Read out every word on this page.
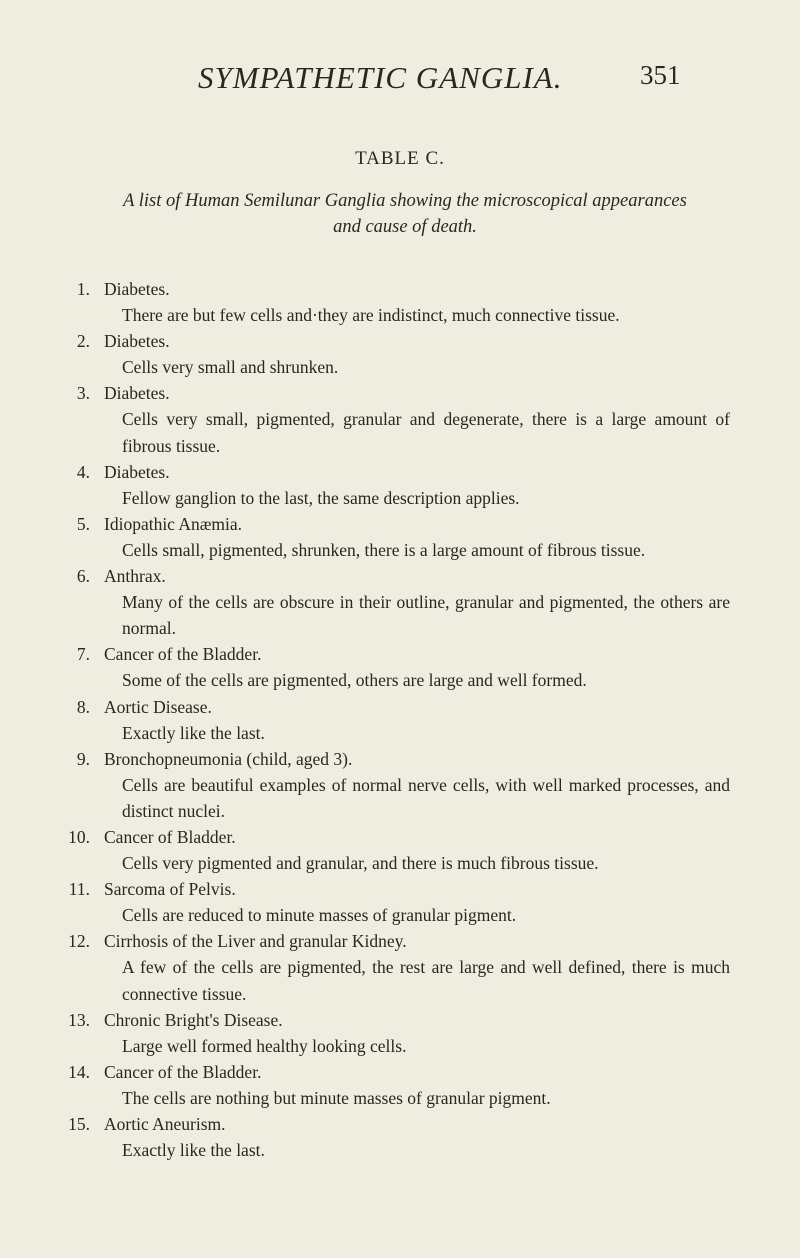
SYMPATHETIC GANGLIA.	351
TABLE C.
A list of Human Semilunar Ganglia showing the microscopical appearances and cause of death.
1. Diabetes.
There are but few cells and·they are indistinct, much connective tissue.
2. Diabetes.
Cells very small and shrunken.
3. Diabetes.
Cells very small, pigmented, granular and degenerate, there is a large amount of fibrous tissue.
4. Diabetes.
Fellow ganglion to the last, the same description applies.
5. Idiopathic Anæmia.
Cells small, pigmented, shrunken, there is a large amount of fibrous tissue.
6. Anthrax.
Many of the cells are obscure in their outline, granular and pigmented, the others are normal.
7. Cancer of the Bladder.
Some of the cells are pigmented, others are large and well formed.
8. Aortic Disease.
Exactly like the last.
9. Bronchopneumonia (child, aged 3).
Cells are beautiful examples of normal nerve cells, with well marked processes, and distinct nuclei.
10. Cancer of Bladder.
Cells very pigmented and granular, and there is much fibrous tissue.
11. Sarcoma of Pelvis.
Cells are reduced to minute masses of granular pigment.
12. Cirrhosis of the Liver and granular Kidney.
A few of the cells are pigmented, the rest are large and well defined, there is much connective tissue.
13. Chronic Bright's Disease.
Large well formed healthy looking cells.
14. Cancer of the Bladder.
The cells are nothing but minute masses of granular pigment.
15. Aortic Aneurism.
Exactly like the last.
